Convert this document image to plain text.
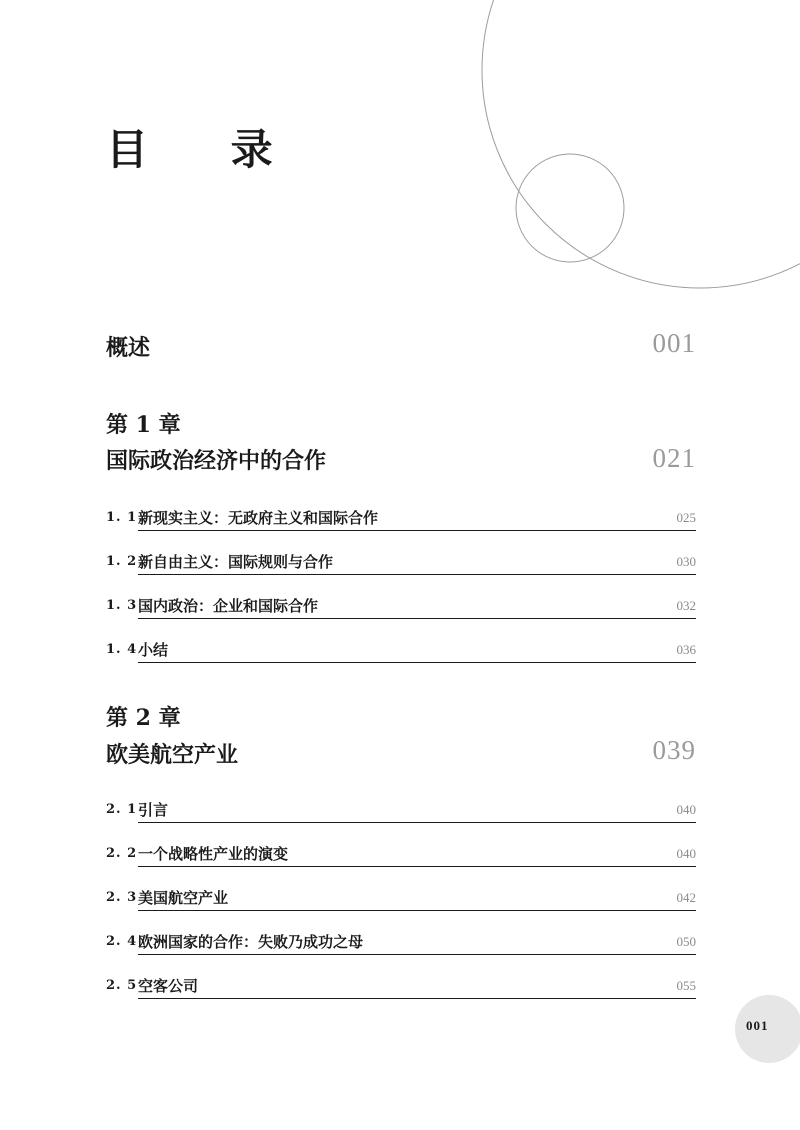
目 录
概述	001
第 1 章
国际政治经济中的合作	021
1. 1 新现实主义：无政府主义和国际合作	025
1. 2 新自由主义：国际规则与合作	030
1. 3 国内政治：企业和国际合作	032
1. 4 小结	036
第 2 章
欧美航空产业	039
2. 1 引言	040
2. 2 一个战略性产业的演变	040
2. 3 美国航空产业	042
2. 4 欧洲国家的合作：失败乃成功之母	050
2. 5 空客公司	055
001
